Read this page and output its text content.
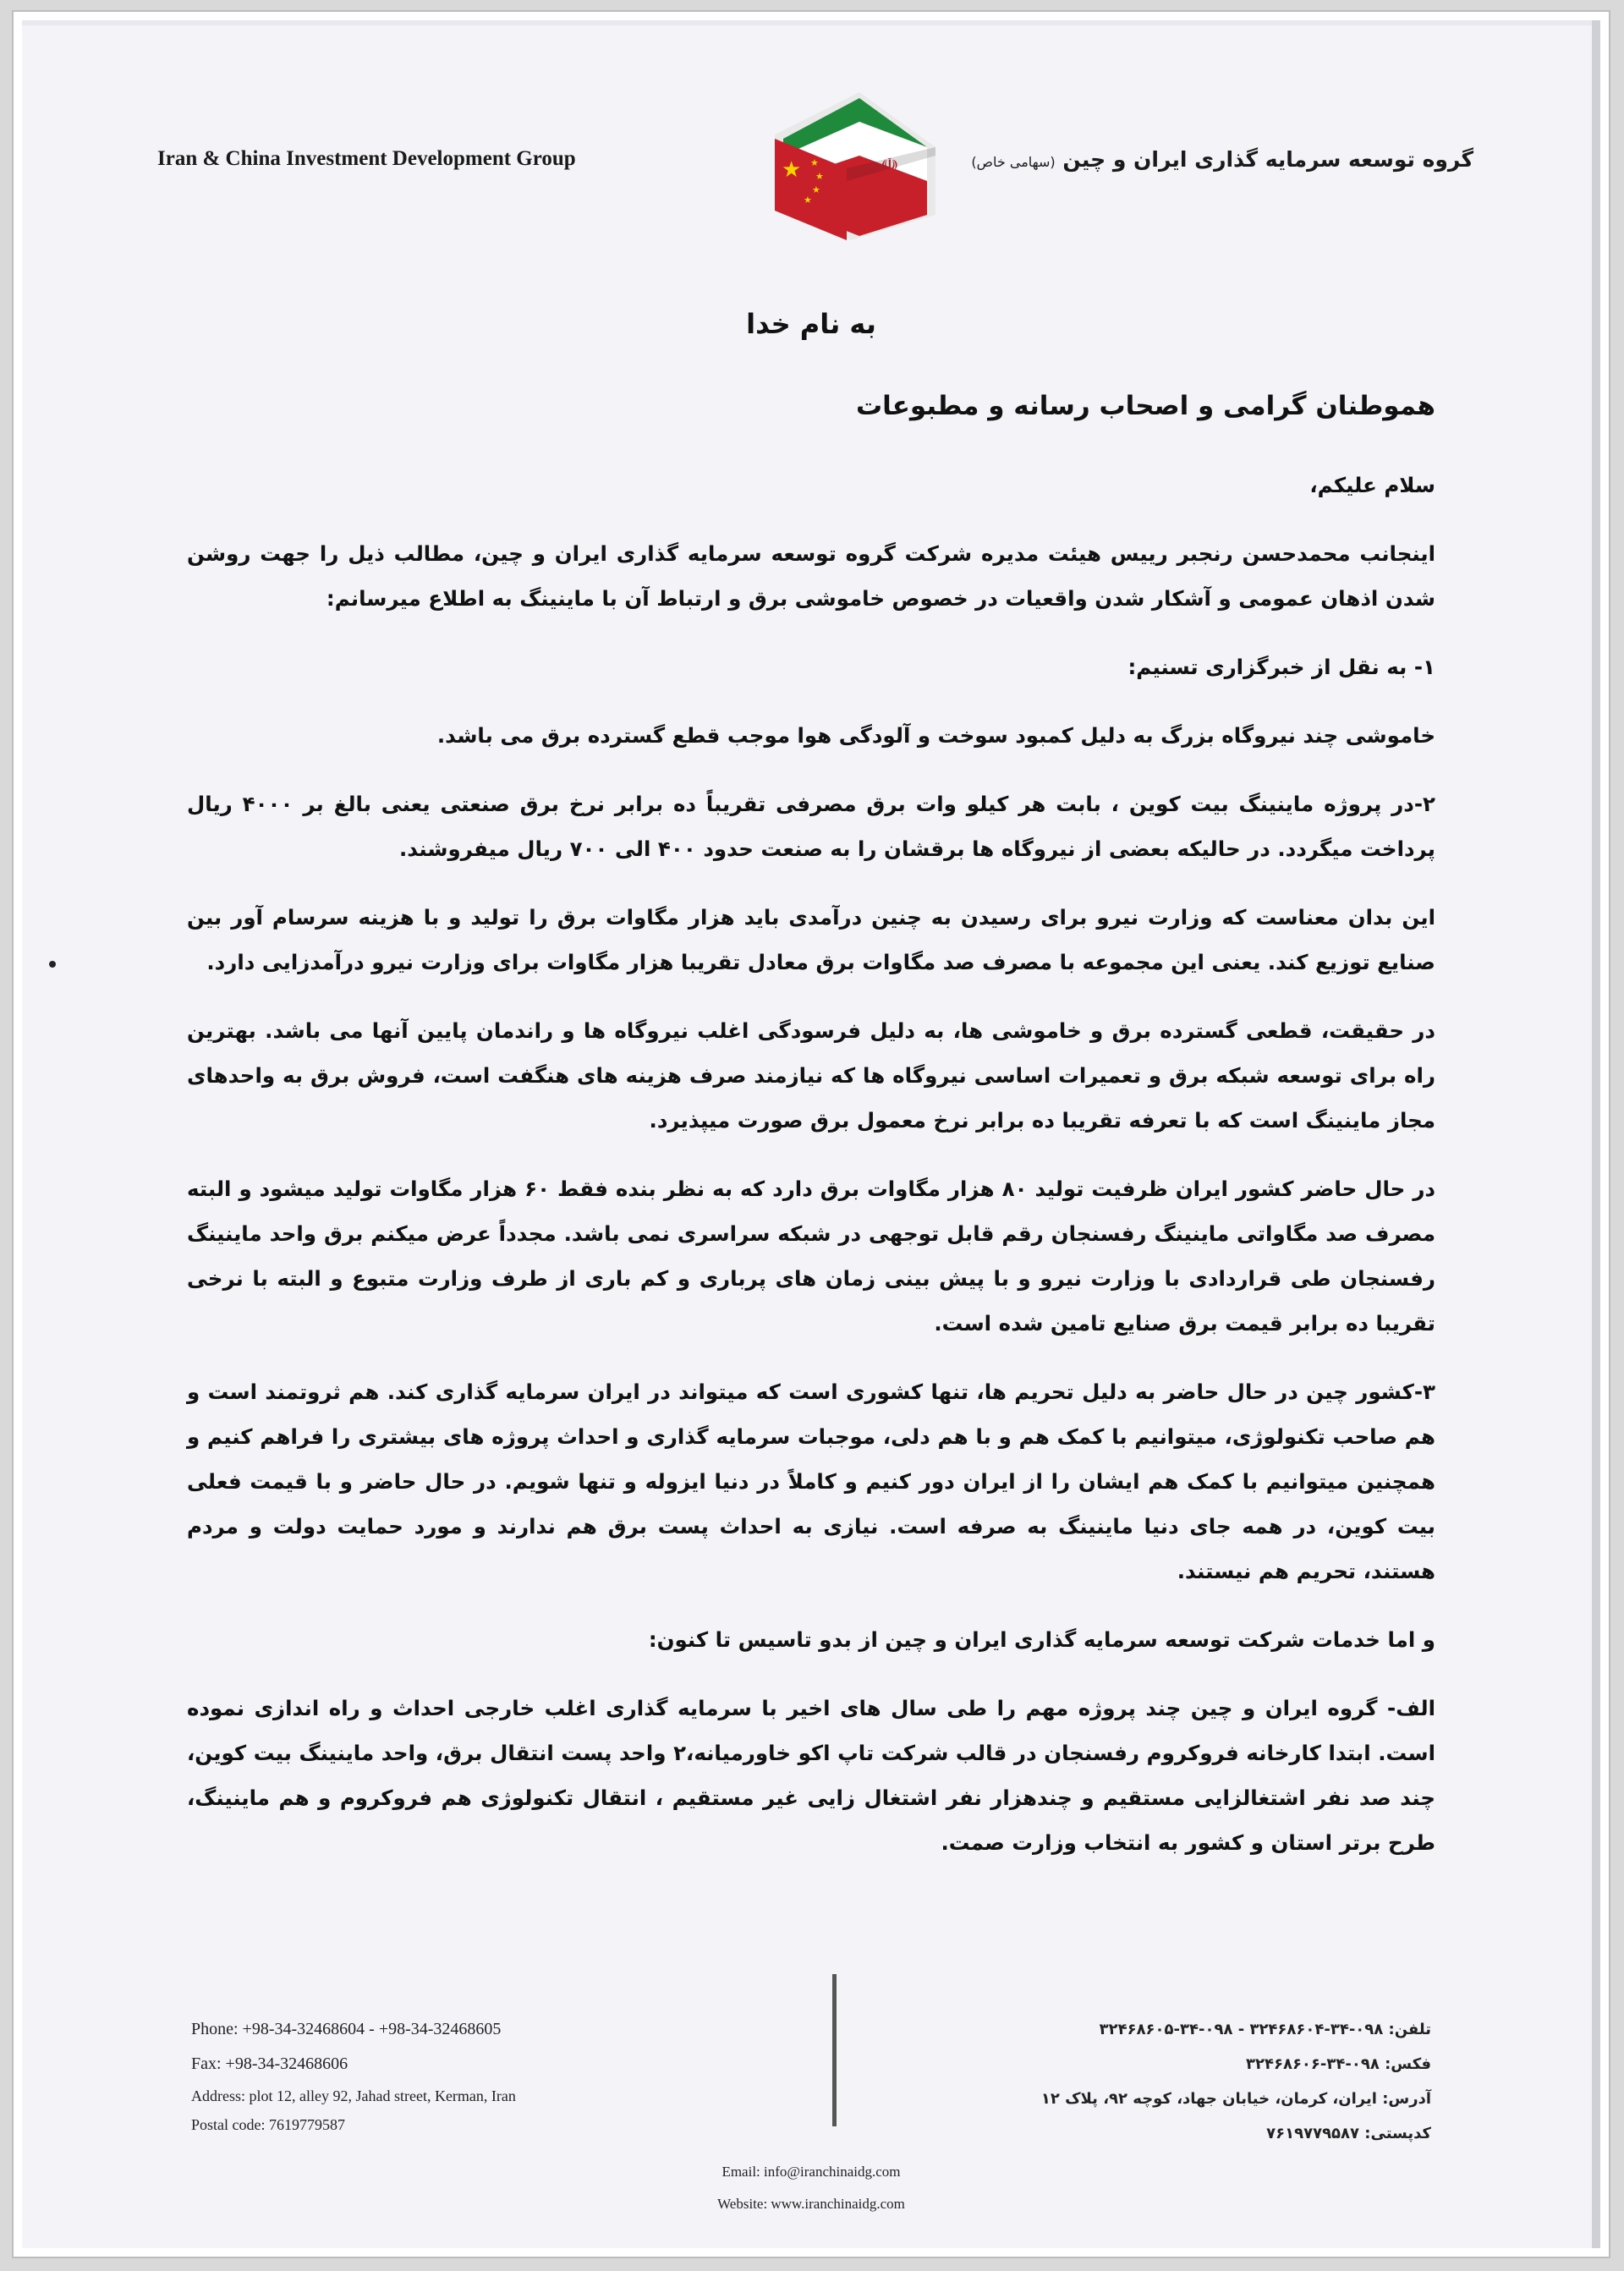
Iran & China Investment Development Group	گروه توسعه سرمایه گذاری ایران و چین (سهامی خاص)
☫
★ ★
★
★
★
به نام خدا

هموطنان گرامی و اصحاب رسانه و مطبوعات

سلام علیکم،

اینجانب محمدحسن رنجبر رییس هیئت مدیره شرکت گروه توسعه سرمایه گذاری ایران و چین، مطالب ذیل را جهت روشن شدن اذهان عمومی و آشکار شدن واقعیات در خصوص خاموشی برق و ارتباط آن با ماینینگ به اطلاع میرسانم:

۱- به نقل از خبرگزاری تسنیم:

خاموشی چند نیروگاه بزرگ به دلیل کمبود سوخت و آلودگی هوا موجب قطع گسترده برق می باشد.

۲-در پروژه ماینینگ بیت کوین ، بابت هر کیلو وات برق مصرفی تقریباً ده برابر نرخ برق صنعتی یعنی بالغ بر ۴۰۰۰ ریال پرداخت میگردد. در حالیکه بعضی از نیروگاه ها برقشان را به صنعت حدود ۴۰۰ الی ۷۰۰ ریال میفروشند.

این بدان معناست که وزارت نیرو برای رسیدن به چنین درآمدی باید هزار مگاوات برق را تولید و با هزینه سرسام آور بین صنایع توزیع کند. یعنی این مجموعه با مصرف صد مگاوات برق معادل تقریبا هزار مگاوات برای وزارت نیرو درآمدزایی دارد.

در حقیقت، قطعی گسترده برق و خاموشی ها، به دلیل فرسودگی اغلب نیروگاه ها و راندمان پایین آنها می باشد. بهترین راه برای توسعه شبکه برق و تعمیرات اساسی نیروگاه ها که نیازمند صرف هزینه های هنگفت است، فروش برق به واحدهای مجاز ماینینگ است که با تعرفه تقریبا ده برابر نرخ معمول برق صورت میپذیرد.

در حال حاضر کشور ایران ظرفیت تولید ۸۰ هزار مگاوات برق دارد که به نظر بنده فقط ۶۰ هزار مگاوات تولید میشود و البته مصرف صد مگاواتی ماینینگ رفسنجان رقم قابل توجهی در شبکه سراسری نمی باشد. مجدداً عرض میکنم برق واحد ماینینگ رفسنجان طی قراردادی با وزارت نیرو و با پیش بینی زمان های پرباری و کم باری از طرف وزارت متبوع و البته با نرخی تقریبا ده برابر قیمت برق صنایع تامین شده است.

۳-کشور چین در حال حاضر به دلیل تحریم ها، تنها کشوری است که میتواند در ایران سرمایه گذاری کند. هم ثروتمند است و هم صاحب تکنولوژی، میتوانیم با کمک هم و با هم دلی، موجبات سرمایه گذاری و احداث پروژه های بیشتری را فراهم کنیم و همچنین میتوانیم با کمک هم ایشان را از ایران دور کنیم و کاملاً در دنیا ایزوله و تنها شویم. در حال حاضر و با قیمت فعلی بیت کوین، در همه جای دنیا ماینینگ به صرفه است. نیازی به احداث پست برق هم ندارند و مورد حمایت دولت و مردم هستند، تحریم هم نیستند.

و اما خدمات شرکت توسعه سرمایه گذاری ایران و چین از بدو تاسیس تا کنون:

الف- گروه ایران و چین چند پروژه مهم را طی سال های اخیر با سرمایه گذاری اغلب خارجی احداث و راه اندازی نموده است. ابتدا کارخانه فروکروم رفسنجان در قالب شرکت تاپ اکو خاورمیانه،۲ واحد پست انتقال برق، واحد ماینینگ بیت کوین، چند صد نفر اشتغالزایی مستقیم و چندهزار نفر اشتغال زایی غیر مستقیم ، انتقال تکنولوژی هم فروکروم و هم ماینینگ، طرح برتر استان و کشور به انتخاب وزارت صمت.

Phone: +98-34-32468604 - +98-34-32468605
Fax: +98-34-32468606
Address: plot 12, alley 92, Jahad street, Kerman, Iran
Postal code: 7619779587
تلفن: ۰۹۸-۳۴-۳۲۴۶۸۶۰۴ - ۰۹۸-۳۴-۳۲۴۶۸۶۰۵
فکس: ۰۹۸-۳۴-۳۲۴۶۸۶۰۶
آدرس: ایران، کرمان، خیابان جهاد، کوچه ۹۲، پلاک ۱۲
کدپستی: ۷۶۱۹۷۷۹۵۸۷
Email: info@iranchinaidg.com
Website: www.iranchinaidg.com
